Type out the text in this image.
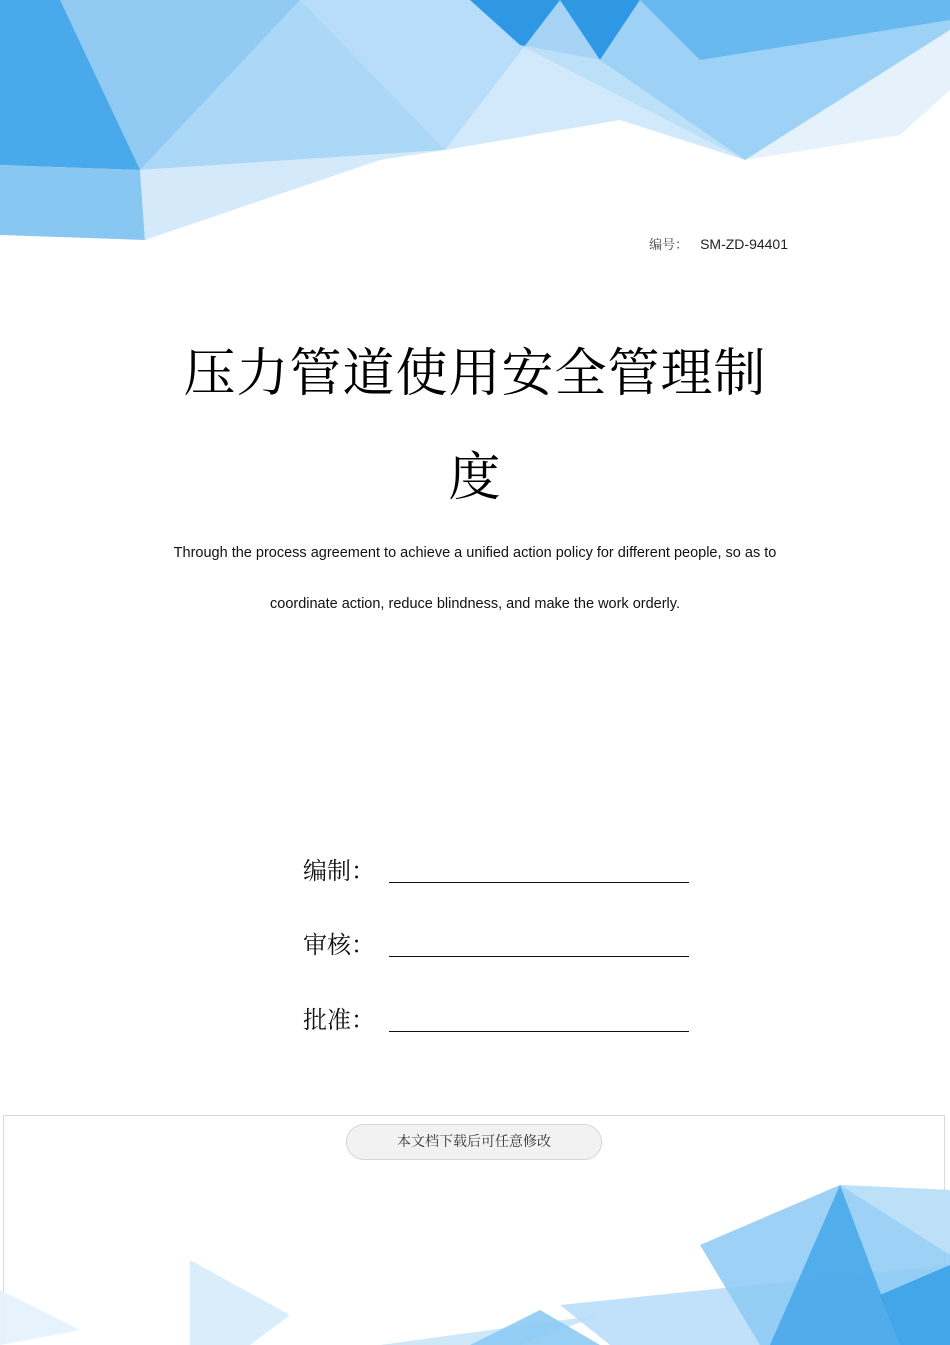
编号： SM-ZD-94401
压力管道使用安全管理制
度
Through the process agreement to achieve a unified action policy for different people, so as to
coordinate action, reduce blindness, and make the work orderly.
编制：
审核：
批准：
本文档下载后可任意修改
